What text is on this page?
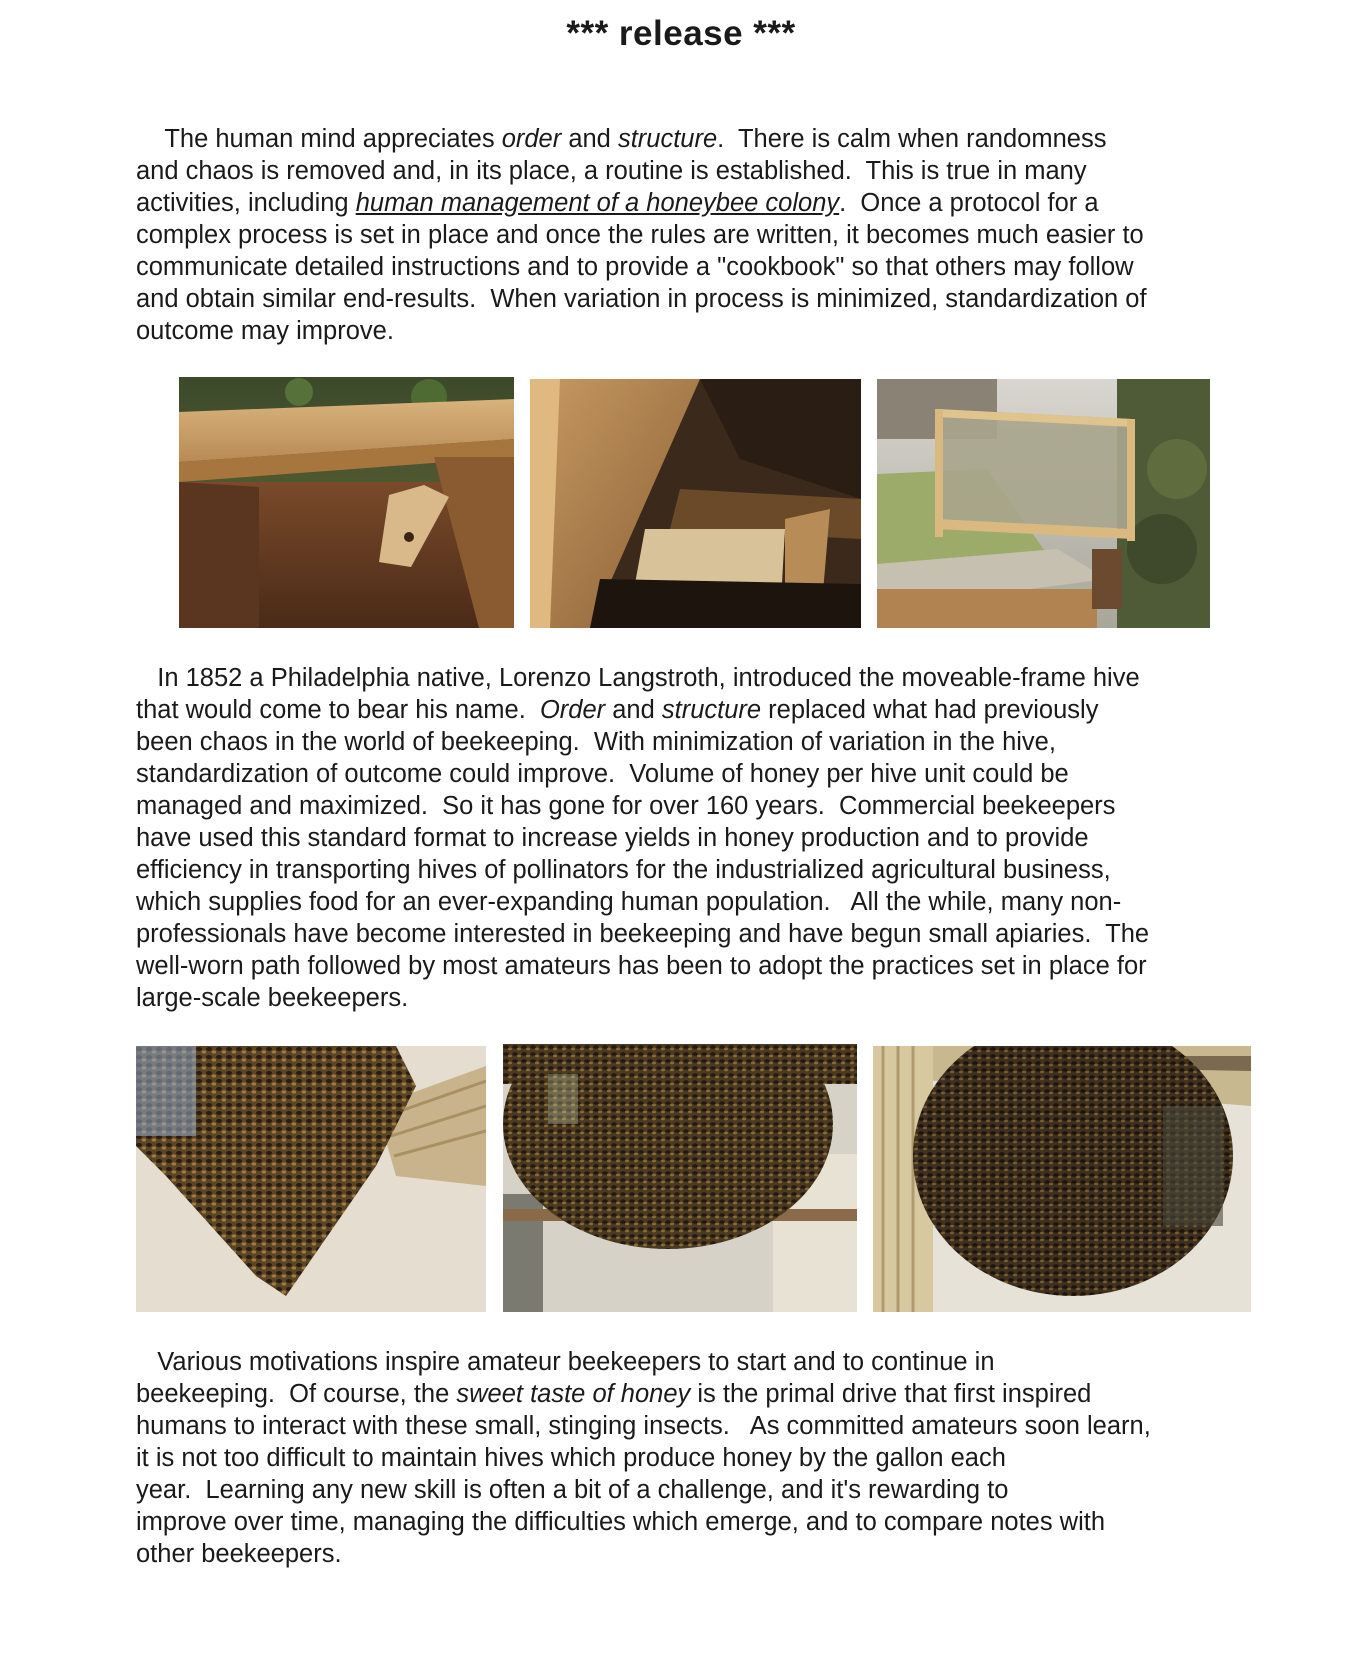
*** release ***

The human mind appreciates order and structure.  There is calm when randomness
and chaos is removed and, in its place, a routine is established.  This is true in many
activities, including human management of a honeybee colony.  Once a protocol for a
complex process is set in place and once the rules are written, it becomes much easier to
communicate detailed instructions and to provide a "cookbook" so that others may follow
and obtain similar end-results.  When variation in process is minimized, standardization of
outcome may improve.

In 1852 a Philadelphia native, Lorenzo Langstroth, introduced the moveable-frame hive
that would come to bear his name.  Order and structure replaced what had previously
been chaos in the world of beekeeping.  With minimization of variation in the hive,
standardization of outcome could improve.  Volume of honey per hive unit could be
managed and maximized.  So it has gone for over 160 years.  Commercial beekeepers
have used this standard format to increase yields in honey production and to provide
efficiency in transporting hives of pollinators for the industrialized agricultural business,
which supplies food for an ever-expanding human population.   All the while, many non-
professionals have become interested in beekeeping and have begun small apiaries.  The
well-worn path followed by most amateurs has been to adopt the practices set in place for
large-scale beekeepers.

Various motivations inspire amateur beekeepers to start and to continue in
beekeeping.  Of course, the sweet taste of honey is the primal drive that first inspired
humans to interact with these small, stinging insects.   As committed amateurs soon learn,
it is not too difficult to maintain hives which produce honey by the gallon each
year.  Learning any new skill is often a bit of a challenge, and it's rewarding to
improve over time, managing the difficulties which emerge, and to compare notes with
other beekeepers.
